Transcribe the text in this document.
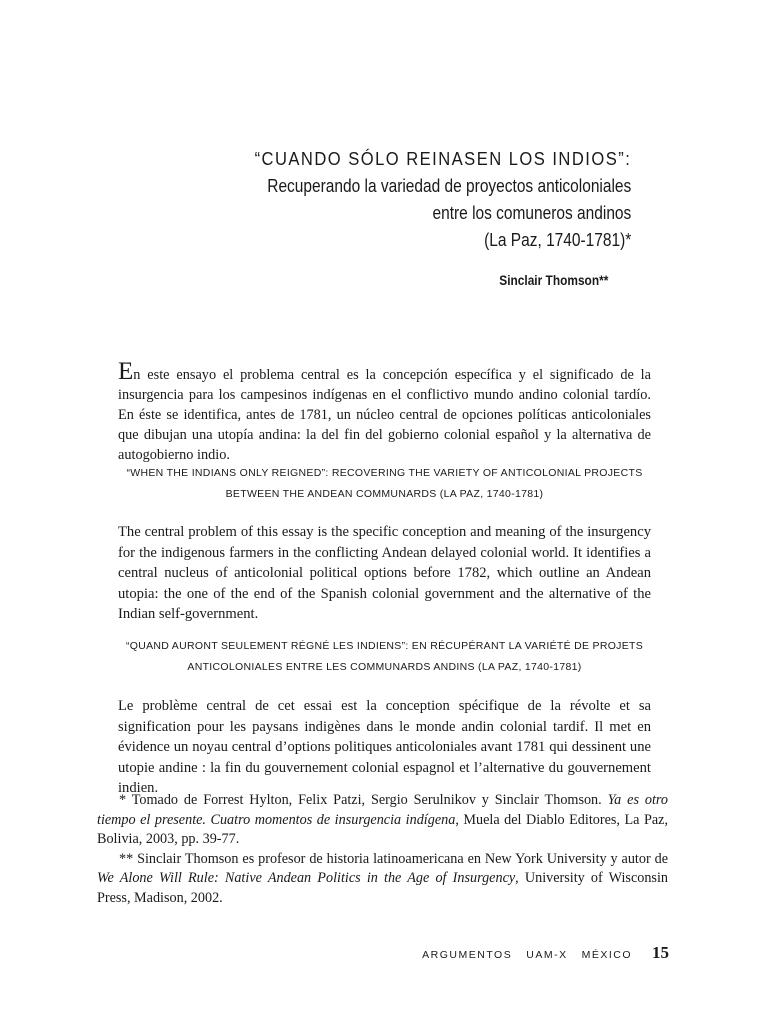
“CUANDO SÓLO REINASEN LOS INDIOS”:
Recuperando la variedad de proyectos anticoloniales
entre los comuneros andinos
(La Paz, 1740-1781)*
Sinclair Thomson**

En este ensayo el problema central es la concepción específica y el significado de la insurgencia para los campesinos indígenas en el conflictivo mundo andino colonial tardío. En éste se identifica, antes de 1781, un núcleo central de opciones políticas anticoloniales que dibujan una utopía andina: la del fin del gobierno colonial español y la alternativa de autogobierno indio.

“WHEN THE INDIANS ONLY REIGNED”: RECOVERING THE VARIETY OF ANTICOLONIAL PROJECTS
BETWEEN THE ANDEAN COMMUNARDS (LA PAZ, 1740-1781)

The central problem of this essay is the specific conception and meaning of the insurgency for the indigenous farmers in the conflicting Andean delayed colonial world. It identifies a central nucleus of anticolonial political options before 1782, which outline an Andean utopia: the one of the end of the Spanish colonial government and the alternative of the Indian self-government.

“QUAND AURONT SEULEMENT RÉGNÉ LES INDIENS”: EN RÉCUPÉRANT LA VARIÉTÉ DE PROJETS
ANTICOLONIALES ENTRE LES COMMUNARDS ANDINS (LA PAZ, 1740-1781)

Le problème central de cet essai est la conception spécifique de la révolte et sa signification pour les paysans indigènes dans le monde andin colonial tardif. Il met en évidence un noyau central d’options politiques anticoloniales avant 1781 qui dessinent une utopie andine : la fin du gouvernement colonial espagnol et l’alternative du gouvernement indien.

* Tomado de Forrest Hylton, Felix Patzi, Sergio Serulnikov y Sinclair Thomson. Ya es otro tiempo el presente. Cuatro momentos de insurgencia indígena, Muela del Diablo Editores, La Paz, Bolivia, 2003, pp. 39-77.

** Sinclair Thomson es profesor de historia latinoamericana en New York University y autor de We Alone Will Rule: Native Andean Politics in the Age of Insurgency, University of Wisconsin Press, Madison, 2002.

ARGUMENTOS UAM-X MÉXICO 15
